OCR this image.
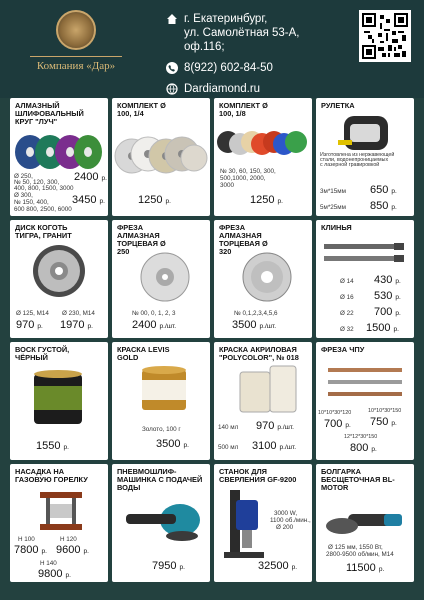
Компания «Дар»
г. Екатеринбург,
ул. Самолётная 53-А,
оф.116;
8(922) 602-84-50
Dardiamond.ru
АЛМАЗНЫЙ ШЛИФОВАЛЬНЫЙ КРУГ "ЛУЧ"
Ø 250,
№ 50, 120, 300,
400, 800, 1500, 3000
Ø 300,
№ 150, 400,
600 800, 2500, 6000
2400 р.
3450 р.
КОМПЛЕКТ Ø 100, 1/4
1250 р.
КОМПЛЕКТ Ø 100, 1/8
№ 30, 60, 150, 300,
500,1000, 2000,
3000
1250 р.
РУЛЕТКА
Изготовлена из нержавеющей
стали, водонепроницаемых
с лазерной гравировкой
3м*15мм
5м*25мм
650 р.
850 р.
ДИСК КОГОТЬ ТИГРА, ГРАНИТ
Ø 125, М14 Ø 230, М14
970 р. 1970 р.
ФРЕЗА АЛМАЗНАЯ ТОРЦЕВАЯ Ø 250
№ 00, 0, 1, 2, 3
2400 р./шт.
ФРЕЗА АЛМАЗНАЯ ТОРЦЕВАЯ Ø 320
№ 0,1,2,3,4,5,6
3500 р./шт.
КЛИНЬЯ
Ø 14
Ø 16
Ø 22
Ø 32
430 р.
530 р.
700 р.
1500 р.
ВОСК ГУСТОЙ, ЧЁРНЫЙ
1550 р.
КРАСКА LEVIS GOLD
Золото, 100 г
3500 р.
КРАСКА АКРИЛОВАЯ "POLYCOLOR", № 018
140 мл
500 мл
970 р./шт.
3100 р./шт.
ФРЕЗА ЧПУ
10*10*30*120	10*10*30*150
12*12*30*150
700 р. 750 р.
800 р.
НАСАДКА НА ГАЗОВУЮ ГОРЕЛКУ
H 100	H 120
H 140
7800 р. 9600 р.
9800 р.
ПНЕВМОШЛИФ-МАШИНКА С ПОДАЧЕЙ ВОДЫ
7950 р.
СТАНОК ДЛЯ СВЕРЛЕНИЯ GF-9200
3000 W,
1100 об./мин.,
Ø 200
32500 р.
БОЛГАРКА БЕСЩЕТОЧНАЯ BL-MOTOR
Ø 125 мм, 1550 Вт,
2800-9500 об/мин, М14
11500 р.
